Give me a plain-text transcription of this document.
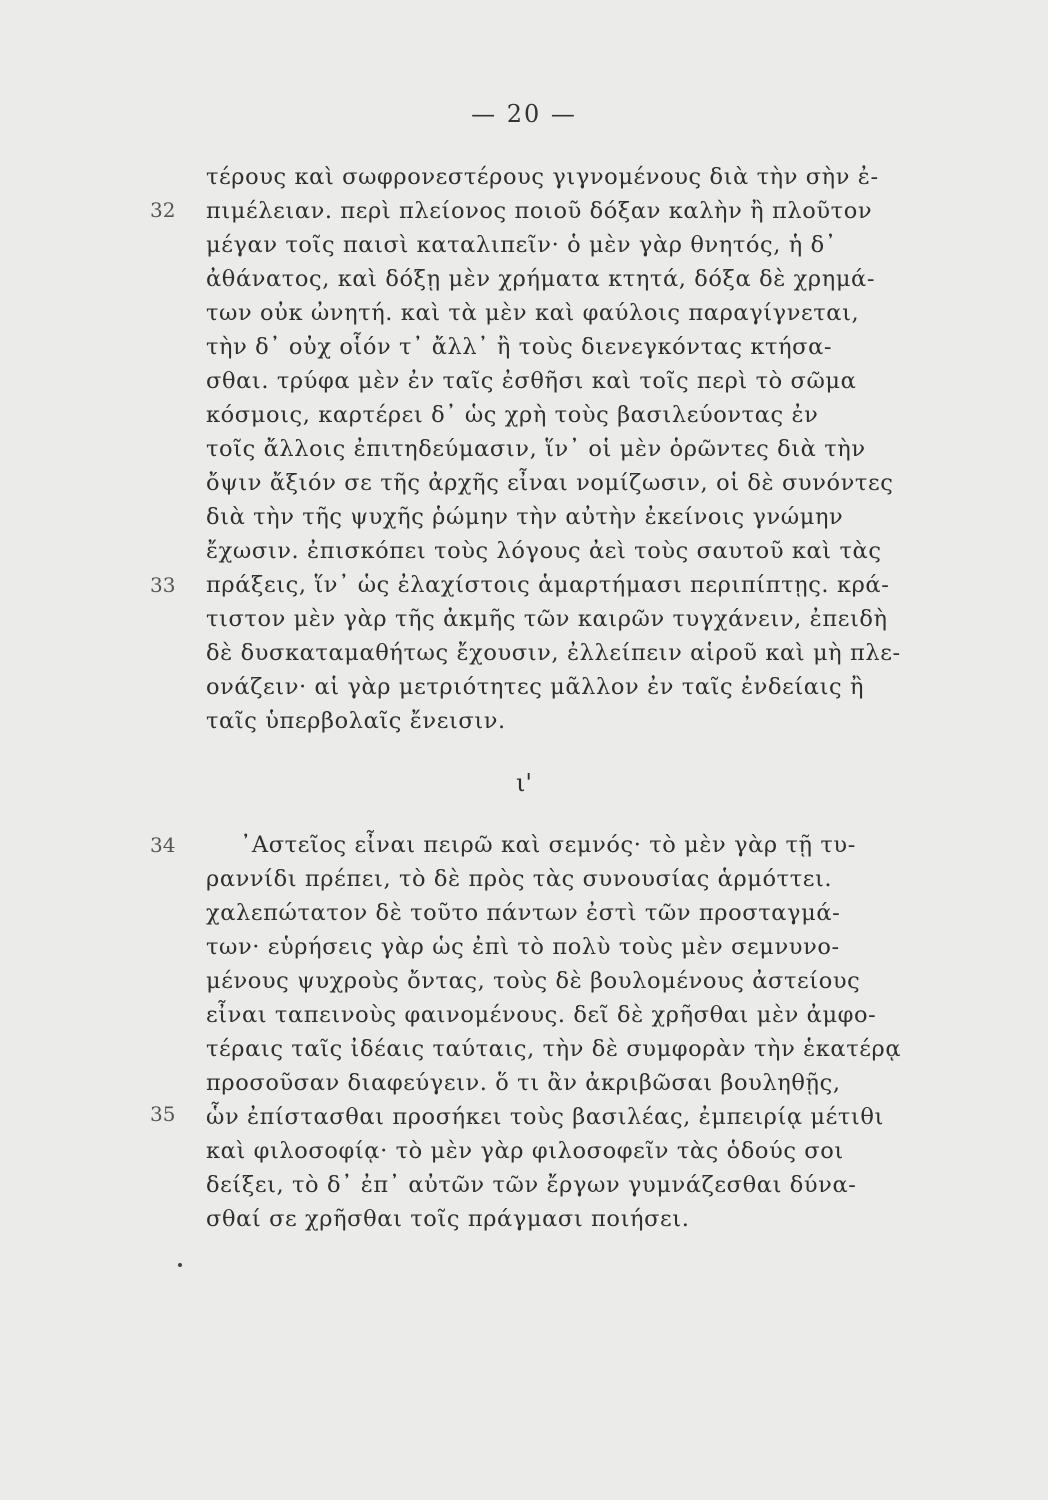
— 20 —
32
33
34
35
ι'
τέρους καὶ σωφρονεστέρους γιγνομένους διὰ τὴν σὴν ἐ-
πιμέλειαν. περὶ πλείονος ποιοῦ δόξαν καλὴν ἢ πλοῦτον
μέγαν τοῖς παισὶ καταλιπεῖν· ὁ μὲν γὰρ θνητός, ἡ δ᾽
ἀθάνατος, καὶ δόξῃ μὲν χρήματα κτητά, δόξα δὲ χρημά-
των οὐκ ὠνητή. καὶ τὰ μὲν καὶ φαύλοις παραγίγνεται,
τὴν δ᾽ οὐχ οἷόν τ᾽ ἄλλ᾽ ἢ τοὺς διενεγκόντας κτήσα-
σθαι. τρύφα μὲν ἐν ταῖς ἐσθῆσι καὶ τοῖς περὶ τὸ σῶμα
κόσμοις, καρτέρει δ᾽ ὡς χρὴ τοὺς βασιλεύοντας ἐν
τοῖς ἄλλοις ἐπιτηδεύμασιν, ἵν᾽ οἱ μὲν ὁρῶντες διὰ τὴν
ὄψιν ἄξιόν σε τῆς ἀρχῆς εἶναι νομίζωσιν, οἱ δὲ συνόντες
διὰ τὴν τῆς ψυχῆς ῥώμην τὴν αὐτὴν ἐκείνοις γνώμην
ἔχωσιν. ἐπισκόπει τοὺς λόγους ἀεὶ τοὺς σαυτοῦ καὶ τὰς
πράξεις, ἵν᾽ ὡς ἐλαχίστοις ἁμαρτήμασι περιπίπτῃς. κρά-
τιστον μὲν γὰρ τῆς ἀκμῆς τῶν καιρῶν τυγχάνειν, ἐπειδὴ
δὲ δυσκαταμαθήτως ἔχουσιν, ἐλλείπειν αἱροῦ καὶ μὴ πλε-
ονάζειν· αἱ γὰρ μετριότητες μᾶλλον ἐν ταῖς ἐνδείαις ἢ
ταῖς ὑπερβολαῖς ἔνεισιν.
᾽Αστεῖος εἶναι πειρῶ καὶ σεμνός· τὸ μὲν γὰρ τῇ τυ-
ραννίδι πρέπει, τὸ δὲ πρὸς τὰς συνουσίας ἁρμόττει.
χαλεπώτατον δὲ τοῦτο πάντων ἐστὶ τῶν προσταγμά-
των· εὑρήσεις γὰρ ὡς ἐπὶ τὸ πολὺ τοὺς μὲν σεμνυνο-
μένους ψυχροὺς ὄντας, τοὺς δὲ βουλομένους ἀστείους
εἶναι ταπεινοὺς φαινομένους. δεῖ δὲ χρῆσθαι μὲν ἀμφο-
τέραις ταῖς ἰδέαις ταύταις, τὴν δὲ συμφορὰν τὴν ἑκατέρᾳ
προσοῦσαν διαφεύγειν. ὅ τι ἂν ἀκριβῶσαι βουληθῇς,
ὧν ἐπίστασθαι προσήκει τοὺς βασιλέας, ἐμπειρίᾳ μέτιθι
καὶ φιλοσοφίᾳ· τὸ μὲν γὰρ φιλοσοφεῖν τὰς ὁδούς σοι
δείξει, τὸ δ᾽ ἐπ᾽ αὐτῶν τῶν ἔργων γυμνάζεσθαι δύνα-
σθαί σε χρῆσθαι τοῖς πράγμασι ποιήσει.
